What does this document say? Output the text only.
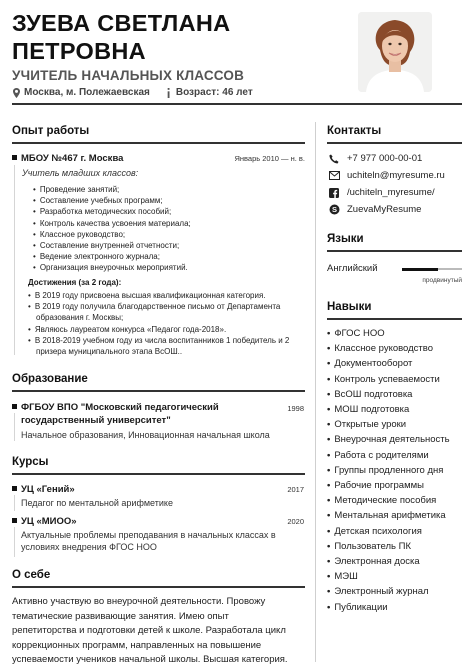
ЗУЕВА СВЕТЛАНА
ПЕТРОВНА
УЧИТЕЛЬ НАЧАЛЬНЫХ КЛАССОВ
Москва, м. Полежаевская	Возраст: 46 лет
Опыт работы
МБОУ №467 г. Москва	Январь 2010 — н. в.
Учитель младших классов:
• Проведение занятий;
• Составление учебных программ;
• Разработка методических пособий;
• Контроль качества усвоения материала;
• Классное руководство;
• Составление внутренней отчетности;
• Ведение электронного журнала;
• Организация внеурочных мероприятий.
Достижения (за 2 года):
• В 2019 году присвоена высшая квалификационная категория.
• В 2019 году получила благодарственное письмо от Департамента образования г. Москвы;
• Являюсь лауреатом конкурса «Педагог года-2018».
• В 2018-2019 учебном году из числа воспитанников 1 победитель и 2 призера муниципального этапа ВсОШ..
Образование
ФГБОУ ВПО "Московский педагогический
государственный университет"
1998
Начальное образования, Инновационная начальная школа
Курсы
УЦ «Гений»	2017
Педагог по ментальной арифметике
УЦ «МИОО»	2020
Актуальные проблемы преподавания в начальных классах в
условиях внедрения ФГОС НОО
О себе
Активно участвую во внеурочной деятельности. Провожу
тематические развивающие занятия. Имею опыт
репетиторства и подготовки детей к школе. Разработала цикл
коррекционных программ, направленных на повышение
успеваемости учеников начальной школы. Высшая категория.
Контакты
+7 977 000-00-01
uchiteln@myresume.ru
/uchiteln_myresume/
S ZuevaMyResume
Языки
Английский
продвинутый
Навыки
• ФГОС НОО
• Классное руководство
• Документооборот
• Контроль успеваемости
• ВсОШ подготовка
• МОШ подготовка
• Открытые уроки
• Внеурочная деятельность
• Работа с родителями
• Группы продленного дня
• Рабочие программы
• Методические пособия
• Ментальная арифметика
• Детская психология
• Пользователь ПК
• Электронная доска
• МЭШ
• Электронный журнал
• Публикации
